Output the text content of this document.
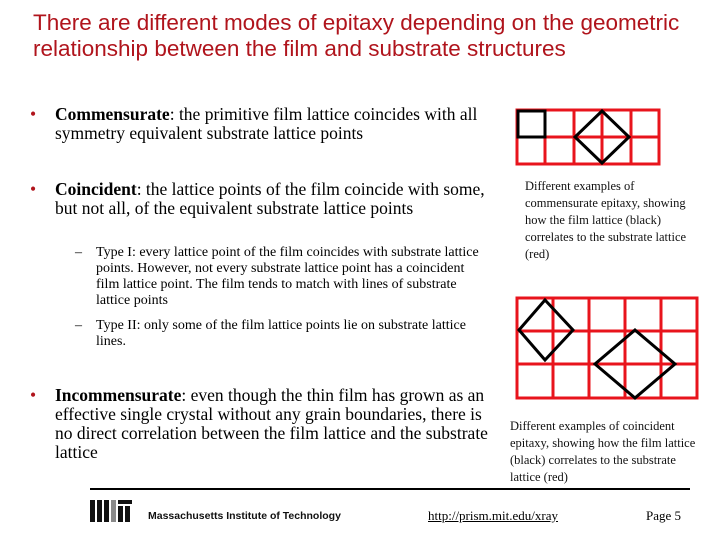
There are different modes of epitaxy depending on the geometric relationship between the film and substrate structures
•	Commensurate: the primitive film lattice coincides with all symmetry equivalent substrate lattice points
•	Coincident: the lattice points of the film coincide with some, but not all, of the equivalent substrate lattice points
–	Type I: every lattice point of the film coincides with substrate lattice points. However, not every substrate lattice point has a coincident film lattice point. The film tends to match with lines of substrate lattice points
–	Type II: only some of the film lattice points lie on substrate lattice lines.
•	Incommensurate: even though the thin film has grown as an effective single crystal without any grain boundaries, there is no direct correlation between the film lattice and the substrate lattice
Different examples of commensurate epitaxy, showing how the film lattice (black) correlates to the substrate lattice (red)
Different examples of coincident epitaxy, showing how the film lattice (black) correlates to the substrate lattice (red)
Massachusetts Institute of Technology	http://prism.mit.edu/xray	Page 5
